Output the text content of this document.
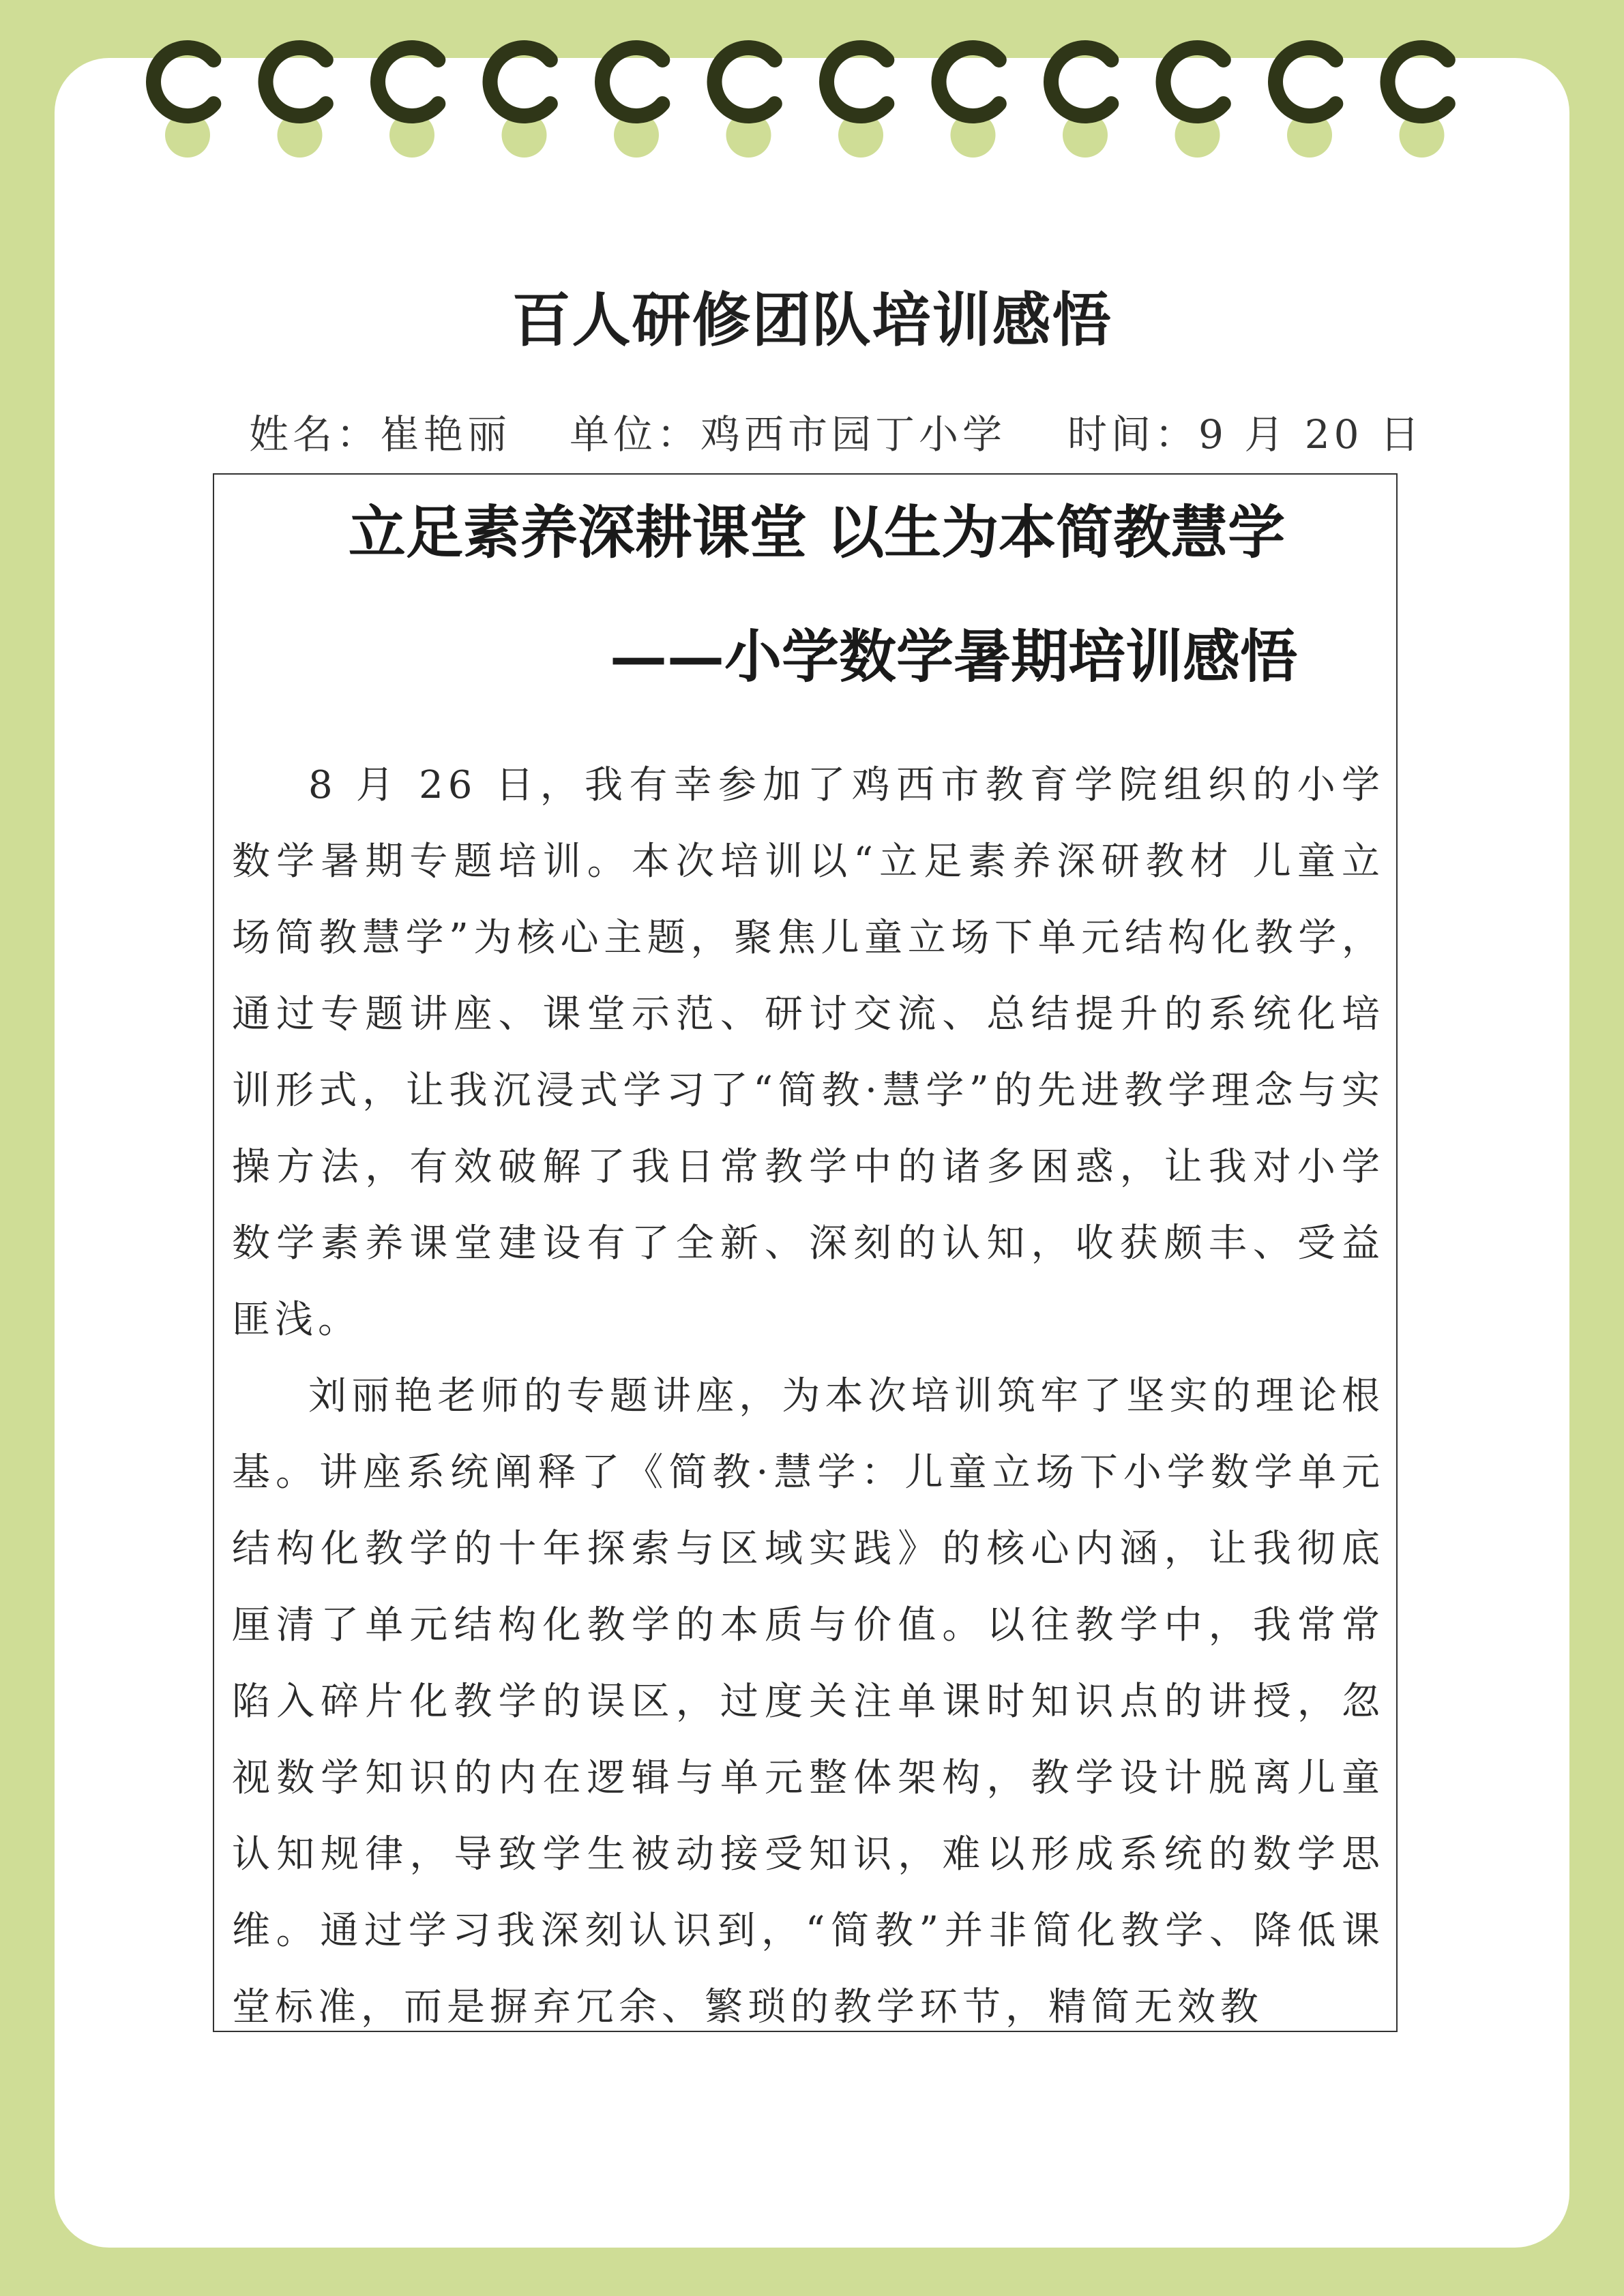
百人研修团队培训感悟
姓名：崔艳丽 单位：鸡西市园丁小学 时间：9 月 20 日
立足素养深耕课堂 以生为本简教慧学
——小学数学暑期培训感悟

8 月 26 日，我有幸参加了鸡西市教育学院组织的小学数学暑期专题培训。本次培训以“立足素养深研教材 儿童立场简教慧学”为核心主题，聚焦儿童立场下单元结构化教学，通过专题讲座、课堂示范、研讨交流、总结提升的系统化培训形式，让我沉浸式学习了“简教·慧学”的先进教学理念与实操方法，有效破解了我日常教学中的诸多困惑，让我对小学数学素养课堂建设有了全新、深刻的认知，收获颇丰、受益匪浅。

刘丽艳老师的专题讲座，为本次培训筑牢了坚实的理论根基。讲座系统阐释了《简教·慧学：儿童立场下小学数学单元结构化教学的十年探索与区域实践》的核心内涵，让我彻底厘清了单元结构化教学的本质与价值。以往教学中，我常常陷入碎片化教学的误区，过度关注单课时知识点的讲授，忽视数学知识的内在逻辑与单元整体架构，教学设计脱离儿童认知规律，导致学生被动接受知识，难以形成系统的数学思维。通过学习我深刻认识到，“简教”并非简化教学、降低课堂标准，而是摒弃冗余、繁琐的教学环节，精简无效教
